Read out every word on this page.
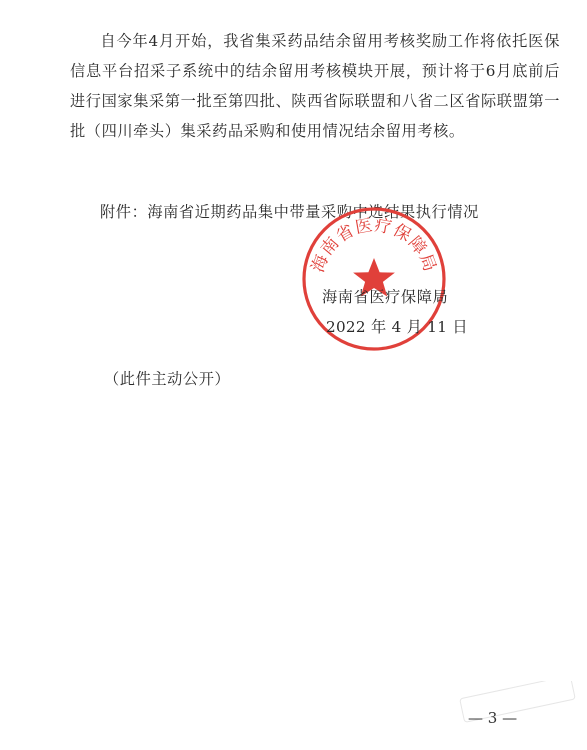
自今年4月开始，我省集采药品结余留用考核奖励工作将依托医保信息平台招采子系统中的结余留用考核模块开展，预计将于6月底前后进行国家集采第一批至第四批、陕西省际联盟和八省二区省际联盟第一批（四川牵头）集采药品采购和使用情况结余留用考核。

附件：海南省近期药品集中带量采购中选结果执行情况
海南省医疗保障局
海南省医疗保障局
2022 年 4 月 11 日
（此件主动公开）
— 3 —
